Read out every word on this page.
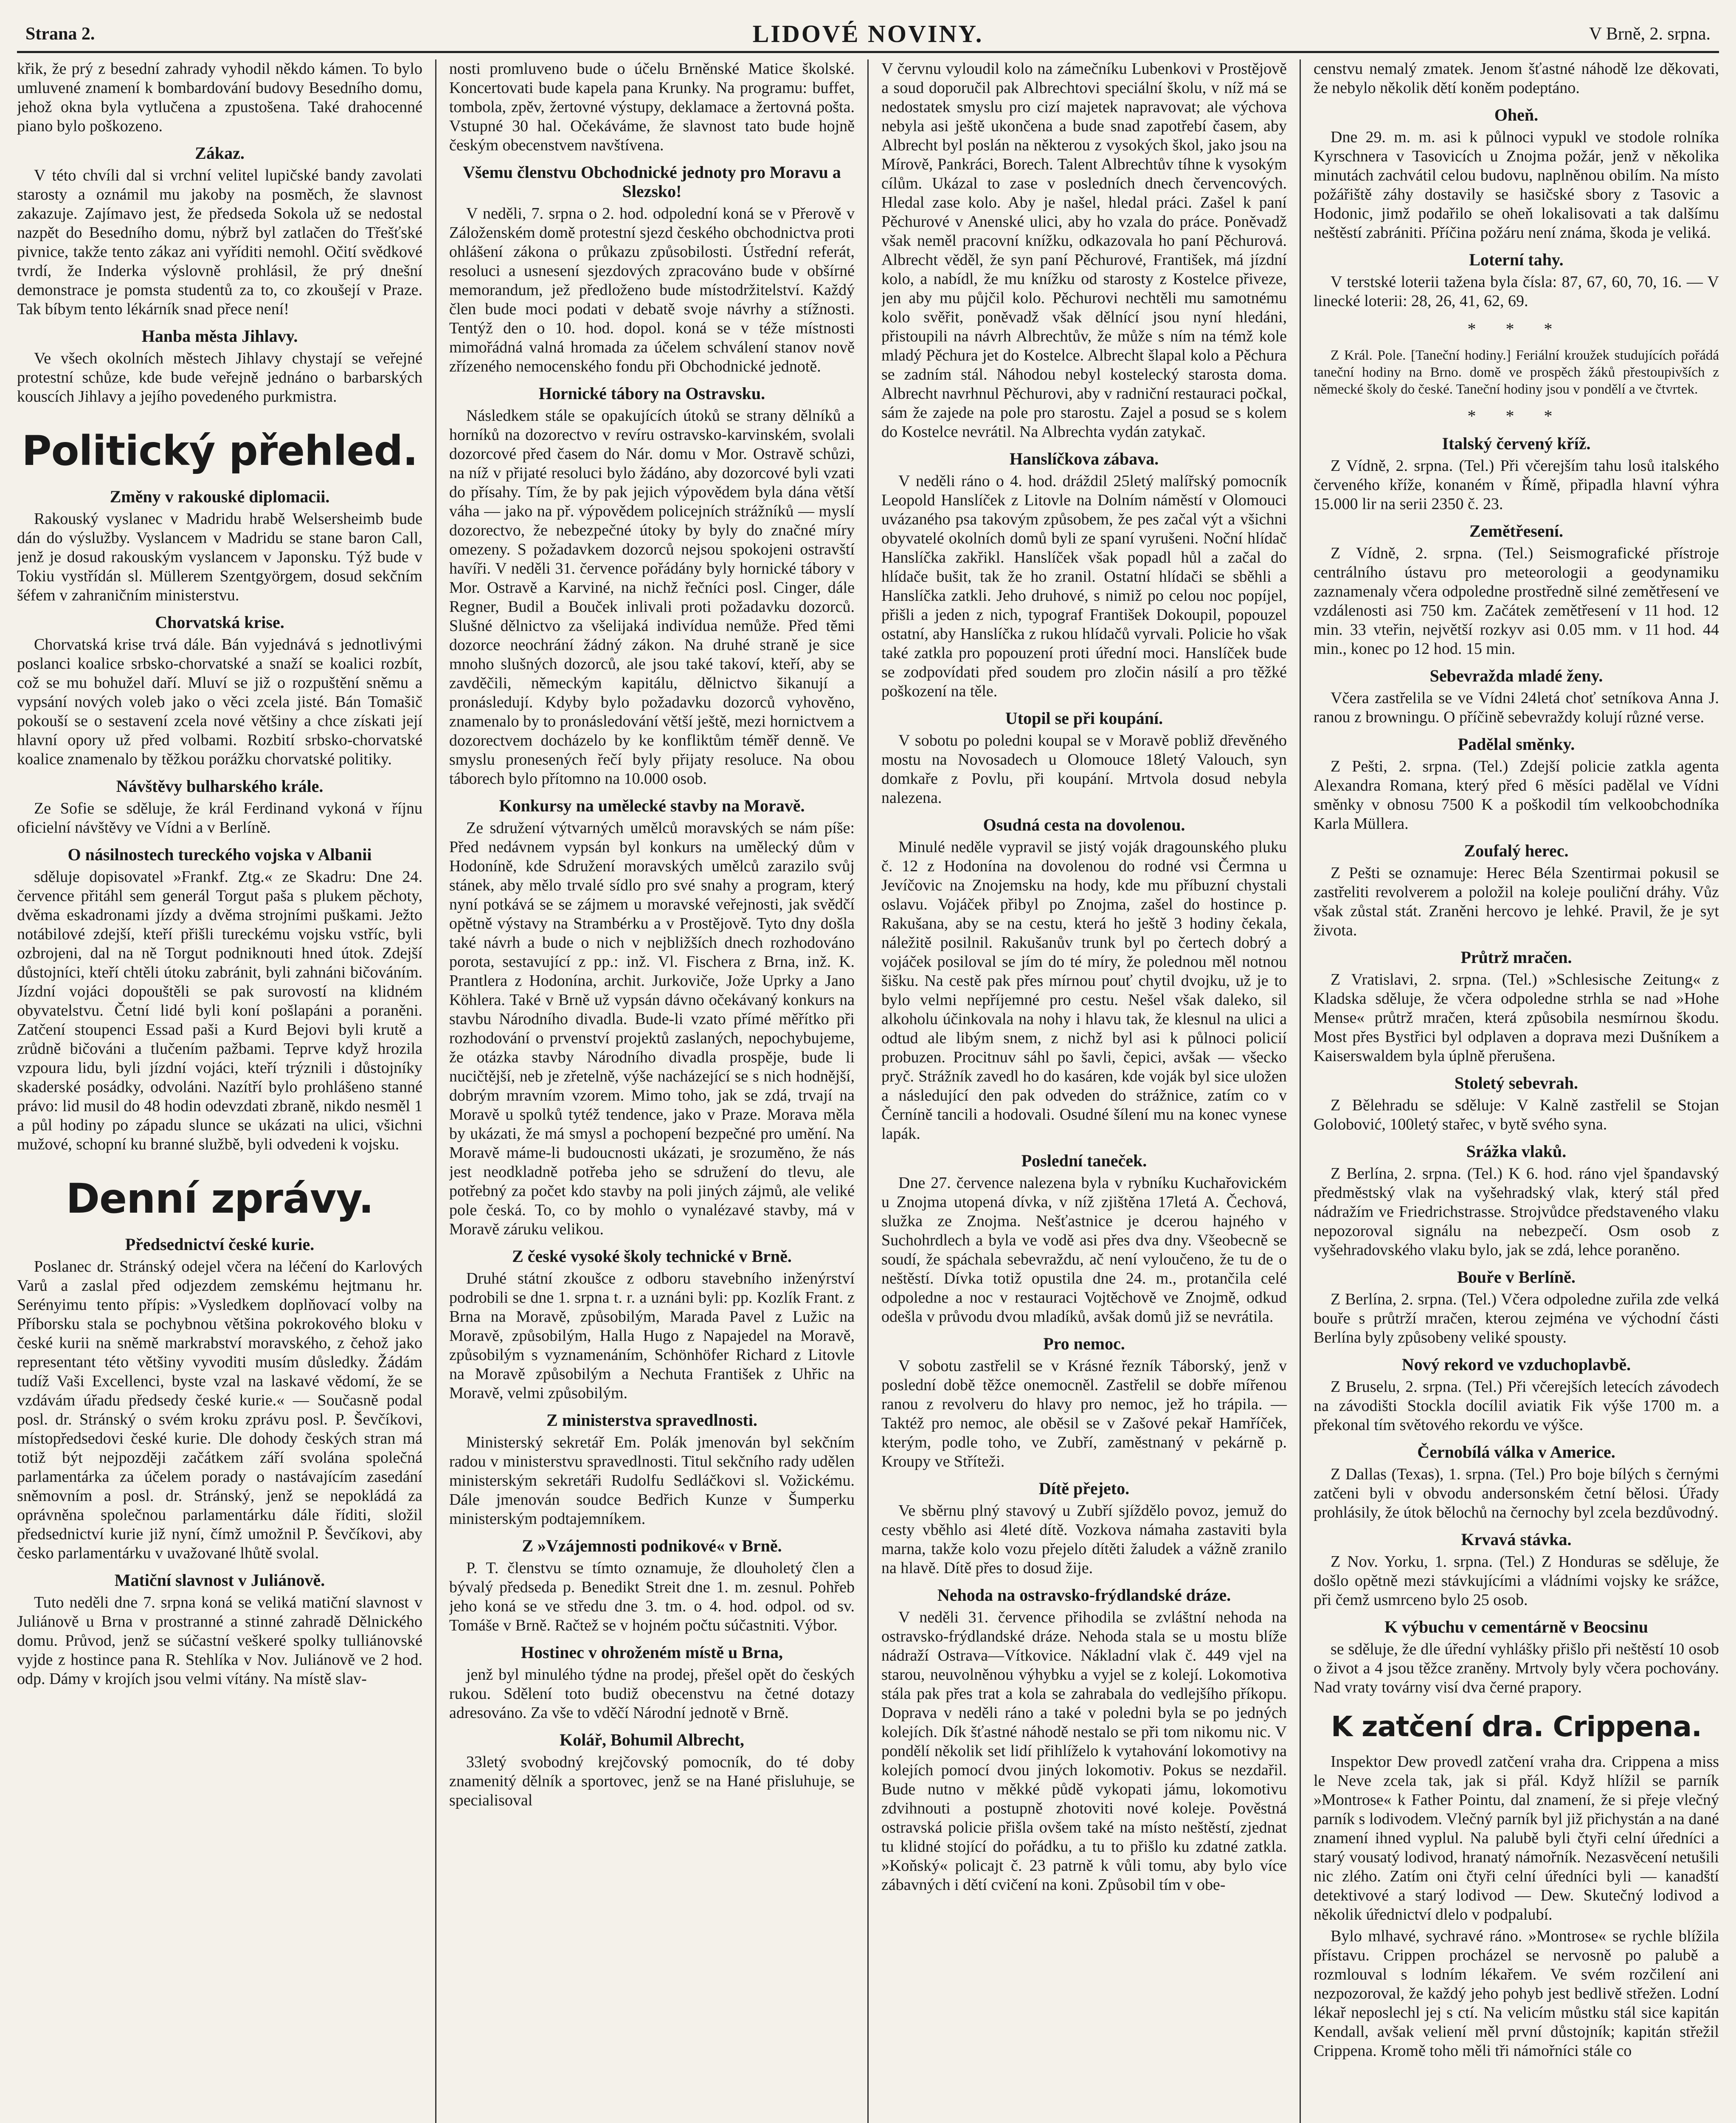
Strana 2.	LIDOVÉ NOVINY.	V Brně, 2. srpna.

křik, že prý z besední zahrady vyhodil někdo kámen. To bylo umluvené znamení k bombardování budovy Besedního domu, jehož okna byla vytlučena a zpustošena. Také drahocenné piano bylo poškozeno.

Zákaz.

V této chvíli dal si vrchní velitel lupičské bandy zavolati starosty a oznámil mu jakoby na posměch, že slavnost zakazuje. Zajímavo jest, že předseda Sokola už se nedostal nazpět do Besedního domu, nýbrž byl zatlačen do Třešťské pivnice, takže tento zákaz ani vyříditi nemohl. Očití svědkové tvrdí, že Inderka výslovně prohlásil, že prý dnešní demonstrace je pomsta studentů za to, co zkoušejí v Praze. Tak bíbym tento lékárník snad přece není!

Hanba města Jihlavy.

Ve všech okolních městech Jihlavy chystají se veřejné protestní schůze, kde bude veřejně jednáno o barbarských kouscích Jihlavy a jejího povedeného purkmistra.

Politický přehled.
Změny v rakouské diplomacii.

Rakouský vyslanec v Madridu hrabě Welsersheimb bude dán do výslužby. Vyslancem v Madridu se stane baron Call, jenž je dosud rakouským vyslancem v Japonsku. Týž bude v Tokiu vystřídán sl. Müllerem Szentgyörgem, dosud sekčním šéfem v zahraničním ministerstvu.

Chorvatská krise.

Chorvatská krise trvá dále. Bán vyjednává s jednotlivými poslanci koalice srbsko-chorvatské a snaží se koalici rozbít, což se mu bohužel daří. Mluví se již o rozpuštění sněmu a vypsání nových voleb jako o věci zcela jisté. Bán Tomašič pokouší se o sestavení zcela nové většiny a chce získati její hlavní opory už před volbami. Rozbití srbsko-chorvatské koalice znamenalo by těžkou porážku chorvatské politiky.

Návštěvy bulharského krále.

Ze Sofie se sděluje, že král Ferdinand vykoná v říjnu oficielní návštěvy ve Vídni a v Berlíně.

O násilnostech tureckého vojska v Albanii

sděluje dopisovatel »Frankf. Ztg.« ze Skadru: Dne 24. července přitáhl sem generál Torgut paša s plukem pěchoty, dvěma eskadronami jízdy a dvěma strojními puškami. Ježto notábilové zdejší, kteří přišli tureckému vojsku vstříc, byli ozbrojeni, dal na ně Torgut podniknouti hned útok. Zdejší důstojníci, kteří chtěli útoku zabránit, byli zahnáni bičováním. Jízdní vojáci dopouštěli se pak surovostí na klidném obyvatelstvu. Četní lidé byli koní pošlapáni a poraněni. Zatčení stoupenci Essad paši a Kurd Bejovi byli krutě a zrůdně bičováni a tlučením pažbami. Teprve když hrozila vzpoura lidu, byli jízdní vojáci, kteří trýznili i důstojníky skaderské posádky, odvoláni. Nazítří bylo prohlášeno stanné právo: lid musil do 48 hodin odevzdati zbraně, nikdo nesměl 1 a půl hodiny po západu slunce se ukázati na ulici, všichni mužové, schopní ku branné službě, byli odvedeni k vojsku.

Denní zprávy.
Předsednictví české kurie.

Poslanec dr. Stránský odejel včera na léčení do Karlových Varů a zaslal před odjezdem zemskému hejtmanu hr. Serényimu tento přípis: »Vysledkem doplňovací volby na Příborsku stala se pochybnou většina pokrokového bloku v české kurii na sněmě markrabství moravského, z čehož jako representant této většiny vyvoditi musím důsledky. Žádám tudíž Vaši Excellenci, byste vzal na laskavé vědomí, že se vzdávám úřadu předsedy české kurie.« — Současně podal posl. dr. Stránský o svém kroku zprávu posl. P. Ševčíkovi, místopředsedovi české kurie. Dle dohody českých stran má totiž být nejpozději začátkem září svolána společná parlamentárka za účelem porady o nastávajícím zasedání sněmovním a posl. dr. Stránský, jenž se nepokládá za oprávněna společnou parlamentárku dále říditi, složil předsednictví kurie již nyní, čímž umožnil P. Ševčíkovi, aby česko parlamentárku v uvažované lhůtě svolal.

Matiční slavnost v Juliánově.

Tuto neděli dne 7. srpna koná se veliká matiční slavnost v Juliánově u Brna v prostranné a stinné zahradě Dělnického domu. Průvod, jenž se súčastní veškeré spolky tulliánovské vyjde z hostince pana R. Stehlíka v Nov. Juliánově ve 2 hod. odp. Dámy v krojích jsou velmi vítány. Na místě slav-

nosti promluveno bude o účelu Brněnské Matice školské. Koncertovati bude kapela pana Krunky. Na programu: buffet, tombola, zpěv, žertovné výstupy, deklamace a žertovná pošta. Vstupné 30 hal. Očekáváme, že slavnost tato bude hojně českým obecenstvem navštívena.

Všemu členstvu Obchodnické jednoty pro Moravu a Slezsko!

V neděli, 7. srpna o 2. hod. odpolední koná se v Přerově v Záloženském domě protestní sjezd českého obchodnictva proti ohlášení zákona o průkazu způsobilosti. Ústřední referát, resoluci a usnesení sjezdových zpracováno bude v obšírné memorandum, jež předloženo bude místodržitelství. Každý člen bude moci podati v debatě svoje návrhy a stížnosti. Tentýž den o 10. hod. dopol. koná se v téže místnosti mimořádná valná hromada za účelem schválení stanov nově zřízeného nemocenského fondu při Obchodnické jednotě.

Hornické tábory na Ostravsku.

Následkem stále se opakujících útoků se strany dělníků a horníků na dozorectvo v revíru ostravsko-karvinském, svolali dozorcové před časem do Nár. domu v Mor. Ostravě schůzi, na níž v přijaté resoluci bylo žádáno, aby dozorcové byli vzati do přísahy. Tím, že by pak jejich výpovědem byla dána větší váha — jako na př. výpovědem policejních strážníků — myslí dozorectvo, že nebezpečné útoky by byly do značné míry omezeny. S požadavkem dozorců nejsou spokojeni ostravští havíři. V neděli 31. července pořádány byly hornické tábory v Mor. Ostravě a Karviné, na nichž řečníci posl. Cinger, dále Regner, Budil a Bouček inlivali proti požadavku dozorců. Slušné dělnictvo za všelijaká indivídua nemůže. Před těmi dozorce neochrání žádný zákon. Na druhé straně je sice mnoho slušných dozorců, ale jsou také takoví, kteří, aby se zavděčili, německým kapitálu, dělnictvo šikanují a pronásledují. Kdyby bylo požadavku dozorců vyhověno, znamenalo by to pronásledování větší ještě, mezi hornictvem a dozorectvem docházelo by ke konfliktům téměř denně. Ve smyslu pronesených řečí byly přijaty resoluce. Na obou táborech bylo přítomno na 10.000 osob.

Konkursy na umělecké stavby na Moravě.

Ze sdružení výtvarných umělců moravských se nám píše: Před nedávnem vypsán byl konkurs na umělecký dům v Hodoníně, kde Sdružení moravských umělců zarazilo svůj stánek, aby mělo trvalé sídlo pro své snahy a program, který nyní potkává se se zájmem u moravské veřejnosti, jak svědčí opětně výstavy na Strambérku a v Prostějově. Tyto dny došla také návrh a bude o nich v nejbližších dnech rozhodováno porota, sestavující z pp.: inž. Vl. Fischera z Brna, inž. K. Prantlera z Hodonína, archit. Jurkoviče, Jože Uprky a Jano Köhlera. Také v Brně už vypsán dávno očekávaný konkurs na stavbu Národního divadla. Bude-li vzato přímé měřítko při rozhodování o prvenství projektů zaslaných, nepochybujeme, že otázka stavby Národního divadla prospěje, bude li nucičtější, neb je zřetelně, výše nacházející se s nich hodnější, dobrým mravním vzorem. Mimo toho, jak se zdá, trvají na Moravě u spolků tytéž tendence, jako v Praze. Morava měla by ukázati, že má smysl a pochopení bezpečné pro umění. Na Moravě máme-li budoucnosti ukázati, je srozuměno, že nás jest neodkladně potřeba jeho se sdružení do tlevu, ale potřebný za počet kdo stavby na poli jiných zájmů, ale veliké pole česká. To, co by mohlo o vynalézavé stavby, má v Moravě záruku velikou.

Z české vysoké školy technické v Brně.

Druhé státní zkoušce z odboru stavebního inženýrství podrobili se dne 1. srpna t. r. a uznáni byli: pp. Kozlík Frant. z Brna na Moravě, způsobilým, Marada Pavel z Lužic na Moravě, způsobilým, Halla Hugo z Napajedel na Moravě, způsobilým s vyznamenáním, Schönhöfer Richard z Litovle na Moravě způsobilým a Nechuta František z Uhřic na Moravě, velmi způsobilým.

Z ministerstva spravedlnosti.

Ministerský sekretář Em. Polák jmenován byl sekčním radou v ministerstvu spravedlnosti. Titul sekčního rady udělen ministerským sekretáři Rudolfu Sedláčkovi sl. Vožickému. Dále jmenován soudce Bedřich Kunze v Šumperku ministerským podtajemníkem.

Z »Vzájemnosti podnikové« v Brně.

P. T. členstvu se tímto oznamuje, že dlouholetý člen a bývalý předseda p. Benedikt Streit dne 1. m. zesnul. Pohřeb jeho koná se ve středu dne 3. tm. o 4. hod. odpol. od sv. Tomáše v Brně. Račtež se v hojném počtu súčastniti. Výbor.

Hostinec v ohroženém místě u Brna,

jenž byl minulého týdne na prodej, přešel opět do českých rukou. Sdělení toto budiž obecenstvu na četné dotazy adresováno. Za vše to vděčí Národní jednotě v Brně.

Kolář, Bohumil Albrecht,

33letý svobodný krejčovský pomocník, do té doby znamenitý dělník a sportovec, jenž se na Hané přisluhuje, se specialisoval

V červnu vyloudil kolo na zámečníku Lubenkovi v Prostějově a soud doporučil pak Albrechtovi speciální školu, v níž má se nedostatek smyslu pro cizí majetek napravovat; ale výchova nebyla asi ještě ukončena a bude snad zapotřebí časem, aby Albrecht byl poslán na některou z vysokých škol, jako jsou na Mírově, Pankráci, Borech. Talent Albrechtův tíhne k vysokým cílům. Ukázal to zase v posledních dnech červencových. Hledal zase kolo. Aby je našel, hledal práci. Zašel k paní Pěchurové v Anenské ulici, aby ho vzala do práce. Poněvadž však neměl pracovní knížku, odkazovala ho paní Pěchurová. Albrecht věděl, že syn paní Pěchurové, František, má jízdní kolo, a nabídl, že mu knížku od starosty z Kostelce přiveze, jen aby mu půjčil kolo. Pěchurovi nechtěli mu samotnému kolo svěřit, poněvadž však dělnící jsou nyní hledáni, přistoupili na návrh Albrechtův, že může s ním na témž kole mladý Pěchura jet do Kostelce. Albrecht šlapal kolo a Pěchura se zadním stál. Náhodou nebyl kostelecký starosta doma. Albrecht navrhnul Pěchurovi, aby v radniční restauraci počkal, sám že zajede na pole pro starostu. Zajel a posud se s kolem do Kostelce nevrátil. Na Albrechta vydán zatykač.

Hanslíčkova zábava.

V neděli ráno o 4. hod. dráždil 25letý malířský pomocník Leopold Hanslíček z Litovle na Dolním náměstí v Olomouci uvázaného psa takovým způsobem, že pes začal výt a všichni obyvatelé okolních domů byli ze spaní vyrušeni. Noční hlídač Hanslíčka zakřikl. Hanslíček však popadl hůl a začal do hlídače bušit, tak že ho zranil. Ostatní hlídači se sběhli a Hanslíčka zatkli. Jeho druhové, s nimiž po celou noc popíjel, přišli a jeden z nich, typograf František Dokoupil, popouzel ostatní, aby Hanslíčka z rukou hlídačů vyrvali. Policie ho však také zatkla pro popouzení proti úřední moci. Hanslíček bude se zodpovídati před soudem pro zločin násilí a pro těžké poškození na těle.

Utopil se při koupání.

V sobotu po poledni koupal se v Moravě pobliž dřevěného mostu na Novosadech u Olomouce 18letý Valouch, syn domkaře z Povlu, při koupání. Mrtvola dosud nebyla nalezena.

Osudná cesta na dovolenou.

Minulé neděle vypravil se jistý voják dragounského pluku č. 12 z Hodonína na dovolenou do rodné vsi Čermna u Jevíčovic na Znojemsku na hody, kde mu příbuzní chystali oslavu. Vojáček přibyl po Znojma, zašel do hostince p. Rakušana, aby se na cestu, která ho ještě 3 hodiny čekala, náležitě posilnil. Rakušanův trunk byl po čertech dobrý a vojáček posiloval se jím do té míry, že polednou měl notnou šišku. Na cestě pak přes mírnou pouť chytil dvojku, už je to bylo velmi nepříjemné pro cestu. Nešel však daleko, sil alkoholu účinkovala na nohy i hlavu tak, že klesnul na ulici a odtud ale libým snem, z nichž byl asi k půlnoci policií probuzen. Procitnuv sáhl po šavli, čepici, avšak — všecko pryč. Strážník zavedl ho do kasáren, kde voják byl sice uložen a následující den pak odveden do strážnice, zatím co v Černíně tancili a hodovali. Osudné šílení mu na konec vynese lapák.

Poslední taneček.

Dne 27. července nalezena byla v rybníku Kuchařovickém u Znojma utopená dívka, v níž zjištěna 17letá A. Čechová, služka ze Znojma. Nešťastnice je dcerou hajného v Suchohrdlech a byla ve vodě asi přes dva dny. Všeobecně se soudí, že spáchala sebevraždu, ač není vyloučeno, že tu de o neštěstí. Dívka totiž opustila dne 24. m., protančila celé odpoledne a noc v restauraci Vojtěchově ve Znojmě, odkud odešla v průvodu dvou mladíků, avšak domů již se nevrátila.

Pro nemoc.

V sobotu zastřelil se v Krásné řezník Táborský, jenž v poslední době těžce onemocněl. Zastřelil se dobře mířenou ranou z revolveru do hlavy pro nemoc, jež ho trápila. — Taktéž pro nemoc, ale oběsil se v Zašové pekař Hamříček, kterým, podle toho, ve Zubří, zaměstnaný v pekárně p. Kroupy ve Stříteži.

Dítě přejeto.

Ve sběrnu plný stavový u Zubří sjíždělo povoz, jemuž do cesty vběhlo asi 4leté dítě. Vozkova námaha zastaviti byla marna, takže kolo vozu přejelo dítěti žaludek a vážně zranilo na hlavě. Dítě přes to dosud žije.

Nehoda na ostravsko-frýdlandské dráze.

V neděli 31. července přihodila se zvláštní nehoda na ostravsko-frýdlandské dráze. Nehoda stala se u mostu blíže nádraží Ostrava—Vítkovice. Nákladní vlak č. 449 vjel na starou, neuvolněnou výhybku a vyjel se z kolejí. Lokomotiva stála pak přes trat a kola se zahrabala do vedlejšího příkopu. Doprava v neděli ráno a také v poledni byla se po jedných kolejích. Dík šťastné náhodě nestalo se při tom nikomu nic. V pondělí několik set lidí přihlíželo k vytahování lokomotivy na kolejích pomocí dvou jiných lokomotiv. Pokus se nezdařil. Bude nutno v měkké půdě vykopati jámu, lokomotivu zdvihnouti a postupně zhotoviti nové koleje. Pověstná ostravská policie přišla ovšem také na místo neštěstí, zjednat tu klidné stojící do pořádku, a tu to přišlo ku zdatné zatkla. »Koňský« policajt č. 23 patrně k vůli tomu, aby bylo více zábavných i dětí cvičení na koni. Způsobil tím v obe-

censtvu nemalý zmatek. Jenom šťastné náhodě lze děkovati, že nebylo několik dětí koněm podeptáno.

Oheň.

Dne 29. m. m. asi k půlnoci vypukl ve stodole rolníka Kyrschnera v Tasovicích u Znojma požár, jenž v několika minutách zachvátil celou budovu, naplněnou obilím. Na místo požářiště záhy dostavily se hasičské sbory z Tasovic a Hodonic, jimž podařilo se oheň lokalisovati a tak dalšímu neštěstí zabrániti. Příčina požáru není známa, škoda je veliká.

Loterní tahy.

V terstské loterii tažena byla čísla: 87, 67, 60, 70, 16. — V linecké loterii: 28, 26, 41, 62, 69.

* * *

Z Král. Pole. [Taneční hodiny.] Feriální kroužek studujících pořádá taneční hodiny na Brno. domě ve prospěch žáků přestoupivších z německé školy do české. Taneční hodiny jsou v pondělí a ve čtvrtek.

* * *
Italský červený kříž.

Z Vídně, 2. srpna. (Tel.) Při včerejším tahu losů italského červeného kříže, konaném v Římě, připadla hlavní výhra 15.000 lir na serii 2350 č. 23.

Zemětřesení.

Z Vídně, 2. srpna. (Tel.) Seismografické přístroje centrálního ústavu pro meteorologii a geodynamiku zaznamenaly včera odpoledne prostředně silné zemětřesení ve vzdálenosti asi 750 km. Začátek zemětřesení v 11 hod. 12 min. 33 vteřin, největší rozkyv asi 0.05 mm. v 11 hod. 44 min., konec po 12 hod. 15 min.

Sebevražda mladé ženy.

Včera zastřelila se ve Vídni 24letá choť setníkova Anna J. ranou z browningu. O příčině sebevraždy kolují různé verse.

Padělal směnky.

Z Pešti, 2. srpna. (Tel.) Zdejší policie zatkla agenta Alexandra Romana, který před 6 měsíci padělal ve Vídni směnky v obnosu 7500 K a poškodil tím velkoobchodníka Karla Müllera.

Zoufalý herec.

Z Pešti se oznamuje: Herec Béla Szentirmai pokusil se zastřeliti revolverem a položil na koleje pouliční dráhy. Vůz však zůstal stát. Zraněni hercovo je lehké. Pravil, že je syt života.

Průtrž mračen.

Z Vratislavi, 2. srpna. (Tel.) »Schlesische Zeitung« z Kladska sděluje, že včera odpoledne strhla se nad »Hohe Mense« průtrž mračen, která způsobila nesmírnou škodu. Most přes Bystřici byl odplaven a doprava mezi Dušníkem a Kaiserswaldem byla úplně přerušena.

Stoletý sebevrah.

Z Bělehradu se sděluje: V Kalně zastřelil se Stojan Golobović, 100letý stařec, v bytě svého syna.

Srážka vlaků.

Z Berlína, 2. srpna. (Tel.) K 6. hod. ráno vjel špandavský předměstský vlak na vyšehradský vlak, který stál před nádražím ve Friedrichstrasse. Strojvůdce představeného vlaku nepozoroval signálu na nebezpečí. Osm osob z vyšehradovského vlaku bylo, jak se zdá, lehce poraněno.

Bouře v Berlíně.

Z Berlína, 2. srpna. (Tel.) Včera odpoledne zuřila zde velká bouře s průtrží mračen, kterou zejména ve východní části Berlína byly způsobeny veliké spousty.

Nový rekord ve vzduchoplavbě.

Z Bruselu, 2. srpna. (Tel.) Při včerejších letecích závodech na závodišti Stockla docílil aviatik Fik výše 1700 m. a překonal tím světového rekordu ve výšce.

Černobílá válka v Americe.

Z Dallas (Texas), 1. srpna. (Tel.) Pro boje bílých s černými zatčeni byli v obvodu andersonském četní bělosi. Úřady prohlásily, že útok bělochů na černochy byl zcela bezdůvodný.

Krvavá stávka.

Z Nov. Yorku, 1. srpna. (Tel.) Z Honduras se sděluje, že došlo opětně mezi stávkujícími a vládními vojsky ke srážce, při čemž usmrceno bylo 25 osob.

K výbuchu v cementárně v Beocsinu

se sděluje, že dle úřední vyhlášky přišlo při neštěstí 10 osob o život a 4 jsou těžce zraněny. Mrtvoly byly včera pochovány. Nad vraty továrny visí dva černé prapory.

K zatčení dra. Crippena.

Inspektor Dew provedl zatčení vraha dra. Crippena a miss le Neve zcela tak, jak si přál. Když hlížil se parník »Montrose« k Father Pointu, dal znamení, že si přeje vlečný parník s lodivodem. Vlečný parník byl již přichystán a na dané znamení ihned vyplul. Na palubě byli čtyři celní úředníci a starý vousatý lodivod, hranatý námořník. Nezasvěcení netušili nic zlého. Zatím oni čtyři celní úředníci byli — kanadští detektivové a starý lodivod — Dew. Skutečný lodivod a několik úřednictví dlelo v podpalubí.

Bylo mlhavé, sychravé ráno. »Montrose« se rychle blížila přístavu. Crippen procházel se nervosně po palubě a rozmlouval s lodním lékařem. Ve svém rozčilení ani nezpozoroval, že každý jeho pohyb jest bedlivě střežen. Lodní lékař neposlechl jej s ctí. Na velicím můstku stál sice kapitán Kendall, avšak veliení měl první důstojník; kapitán střežil Crippena. Kromě toho měli tři námořníci stále co
